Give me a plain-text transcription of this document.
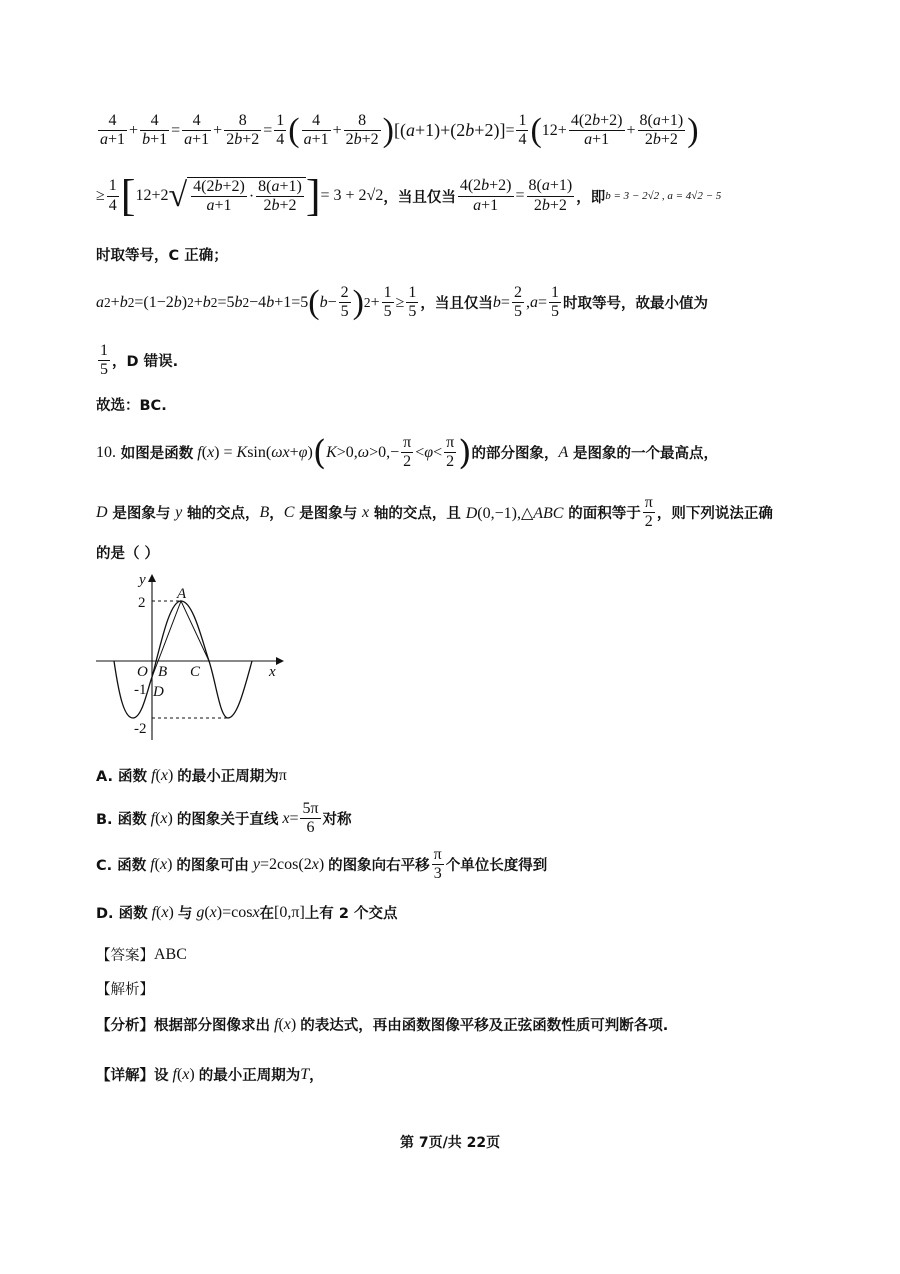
$\frac{4}{a+1} + \frac{4}{b+1} = \frac{4}{a+1} + \frac{8}{2b+2} = \frac{1}{4}$ ( $\frac{4}{a+1} + \frac{8}{2b+2}$ ) $[(a+1)+(2b+2)] = \frac{1}{4}$ ( $12+ \frac{4(2b+2)}{a+1} + \frac{8(a+1)}{2b+2}$ )
≥ $\frac{1}{4}$ [ 12+2 √ $\frac{4(2b+2)}{a+1} \cdot \frac{8(a+1)}{2b+2}$ ] = 3 + 2√2 ，当且仅当 $\frac{4(2b+2)}{a+1} = \frac{8(a+1)}{2b+2}$ ，即 b = 3 − 2√2 , a = 4√2 − 5
时取等号，C 正确；
a 2 + b 2 =(1−2 b ) 2 + b 2 =5 b 2 −4 b +1=5 ( $b - \frac{2}{5}$ ) $2 + \frac{1}{5} \ge \frac{1}{5}$ ，当且仅当 $b = \frac{2}{5}$ , $a = \frac{1}{5}$ 时取等号，故最小值为
$\frac{1}{5}$ ，D 错误.
故选：BC.
10.
如图是函数 f(x) = Ksin(ωx+φ) ( $K>0,\omega>0,- \frac{\pi}{2} <\varphi< \frac{\pi}{2}$ ) 的部分图象， A
是图象的一个最高点，
D
是图象与
y
轴的交点， B ， C
是图象与
x
轴的交点，且
D(0,−1),△ABC
的面积等于 $\frac{\pi}{2}$ ，则下列说法正确
的是（ ）
y
x
2
-1
-2
O
A
B C
D
A. 函数 f(x) 的最小正周期为 π
B. 函数 f(x) 的图象关于直线 $x= \frac{5\pi}{6}$ 对称
C. 函数 f(x) 的图象可由 y=2cos(2x) 的图象向右平移 $\frac{\pi}{3}$ 个单位长度得到
D. 函数 f(x) 与 g(x)=cosx 在 [0,π] 上有 2 个交点
【答案】 ABC
【解析】
【分析】 根据部分图像求出 f(x) 的表达式，再由函数图像平移及正弦函数性质可判断各项.
【详解】 设 f(x) 的最小正周期为 T ，
第 7页/共 22页
